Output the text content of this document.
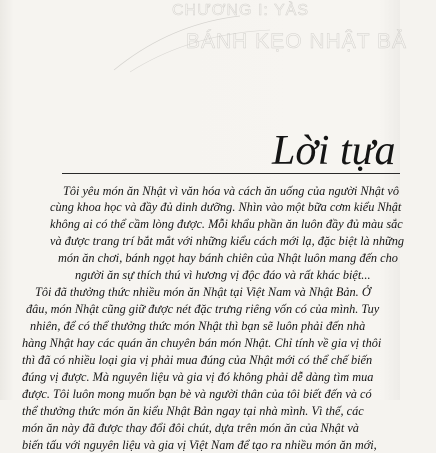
CHƯƠNG I: YÀS
BÁNH KẸO NHẬT BẢ
Lời tựa
Tôi yêu món ăn Nhật vì văn hóa và cách ăn uống của người Nhật vô
cùng khoa học và đầy đủ dinh dưỡng. Nhìn vào một bữa cơm kiểu Nhật
không ai có thể cầm lòng được. Mỗi khẩu phần ăn luôn đầy đủ màu sắc
và được trang trí bắt mắt với những kiểu cách mới lạ, đặc biệt là những
món ăn chơi, bánh ngọt hay bánh chiên của Nhật luôn mang đến cho
người ăn sự thích thú vì hương vị độc đáo và rất khác biệt...
Tôi đã thưởng thức nhiều món ăn Nhật tại Việt Nam và Nhật Bản. Ở
đâu, món Nhật cũng giữ được nét đặc trưng riêng vốn có của mình. Tuy
nhiên, để có thể thưởng thức món Nhật thì bạn sẽ luôn phải đến nhà
hàng Nhật hay các quán ăn chuyên bán món Nhật. Chỉ tính về gia vị thôi
thì đã có nhiều loại gia vị phải mua đúng của Nhật mới có thể chế biến
đúng vị được. Mà nguyên liệu và gia vị đó không phải dễ dàng tìm mua
được. Tôi luôn mong muốn bạn bè và người thân của tôi biết đến và có
thể thưởng thức món ăn kiểu Nhật Bản ngay tại nhà mình. Vì thế, các
món ăn này đã được thay đổi đôi chút, dựa trên món ăn của Nhật và
biến tấu với nguyên liệu và gia vị Việt Nam để tạo ra nhiều món ăn mới,
